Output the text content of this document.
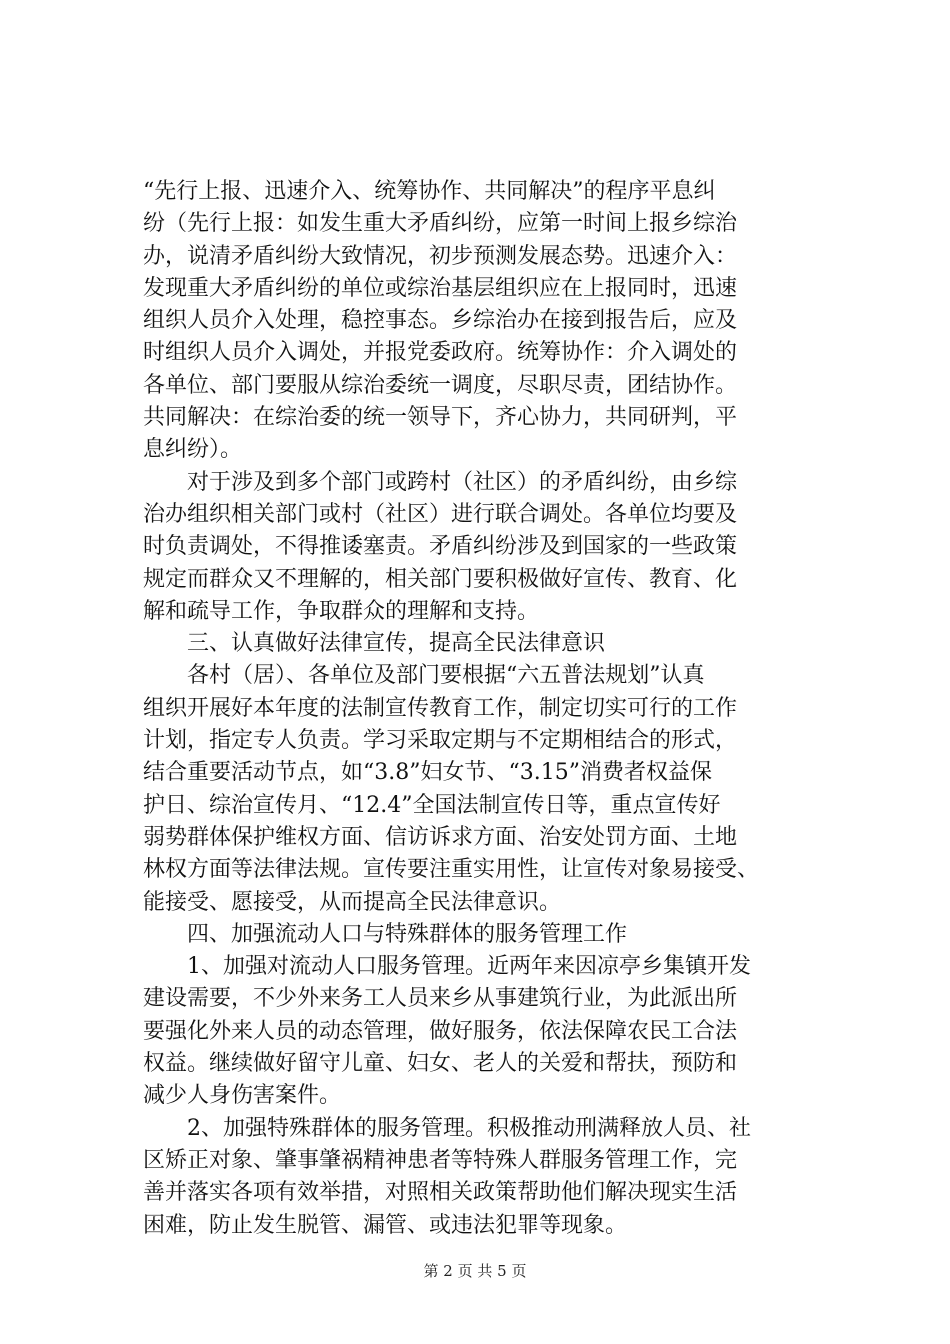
“先行上报、迅速介入、统筹协作、共同解决”的程序平息纠
纷（先行上报：如发生重大矛盾纠纷，应第一时间上报乡综治
办，说清矛盾纠纷大致情况，初步预测发展态势。迅速介入：
发现重大矛盾纠纷的单位或综治基层组织应在上报同时，迅速
组织人员介入处理，稳控事态。乡综治办在接到报告后，应及
时组织人员介入调处，并报党委政府。统筹协作：介入调处的
各单位、部门要服从综治委统一调度，尽职尽责，团结协作。
共同解决：在综治委的统一领导下，齐心协力，共同研判，平
息纠纷）。
对于涉及到多个部门或跨村（社区）的矛盾纠纷，由乡综
治办组织相关部门或村（社区）进行联合调处。各单位均要及
时负责调处，不得推诿塞责。矛盾纠纷涉及到国家的一些政策
规定而群众又不理解的，相关部门要积极做好宣传、教育、化
解和疏导工作，争取群众的理解和支持。
三、认真做好法律宣传，提高全民法律意识
各村（居）、各单位及部门要根据“六五普法规划”认真
组织开展好本年度的法制宣传教育工作，制定切实可行的工作
计划，指定专人负责。学习采取定期与不定期相结合的形式，
结合重要活动节点，如“3.8”妇女节、“3.15”消费者权益保
护日、综治宣传月、“12.4”全国法制宣传日等，重点宣传好
弱势群体保护维权方面、信访诉求方面、治安处罚方面、土地
林权方面等法律法规。宣传要注重实用性，让宣传对象易接受、
能接受、愿接受，从而提高全民法律意识。
四、加强流动人口与特殊群体的服务管理工作
1、加强对流动人口服务管理。近两年来因凉亭乡集镇开发
建设需要，不少外来务工人员来乡从事建筑行业，为此派出所
要强化外来人员的动态管理，做好服务，依法保障农民工合法
权益。继续做好留守儿童、妇女、老人的关爱和帮扶，预防和
减少人身伤害案件。
2、加强特殊群体的服务管理。积极推动刑满释放人员、社
区矫正对象、肇事肇祸精神患者等特殊人群服务管理工作，完
善并落实各项有效举措，对照相关政策帮助他们解决现实生活
困难，防止发生脱管、漏管、或违法犯罪等现象。
第 2 页 共 5 页
